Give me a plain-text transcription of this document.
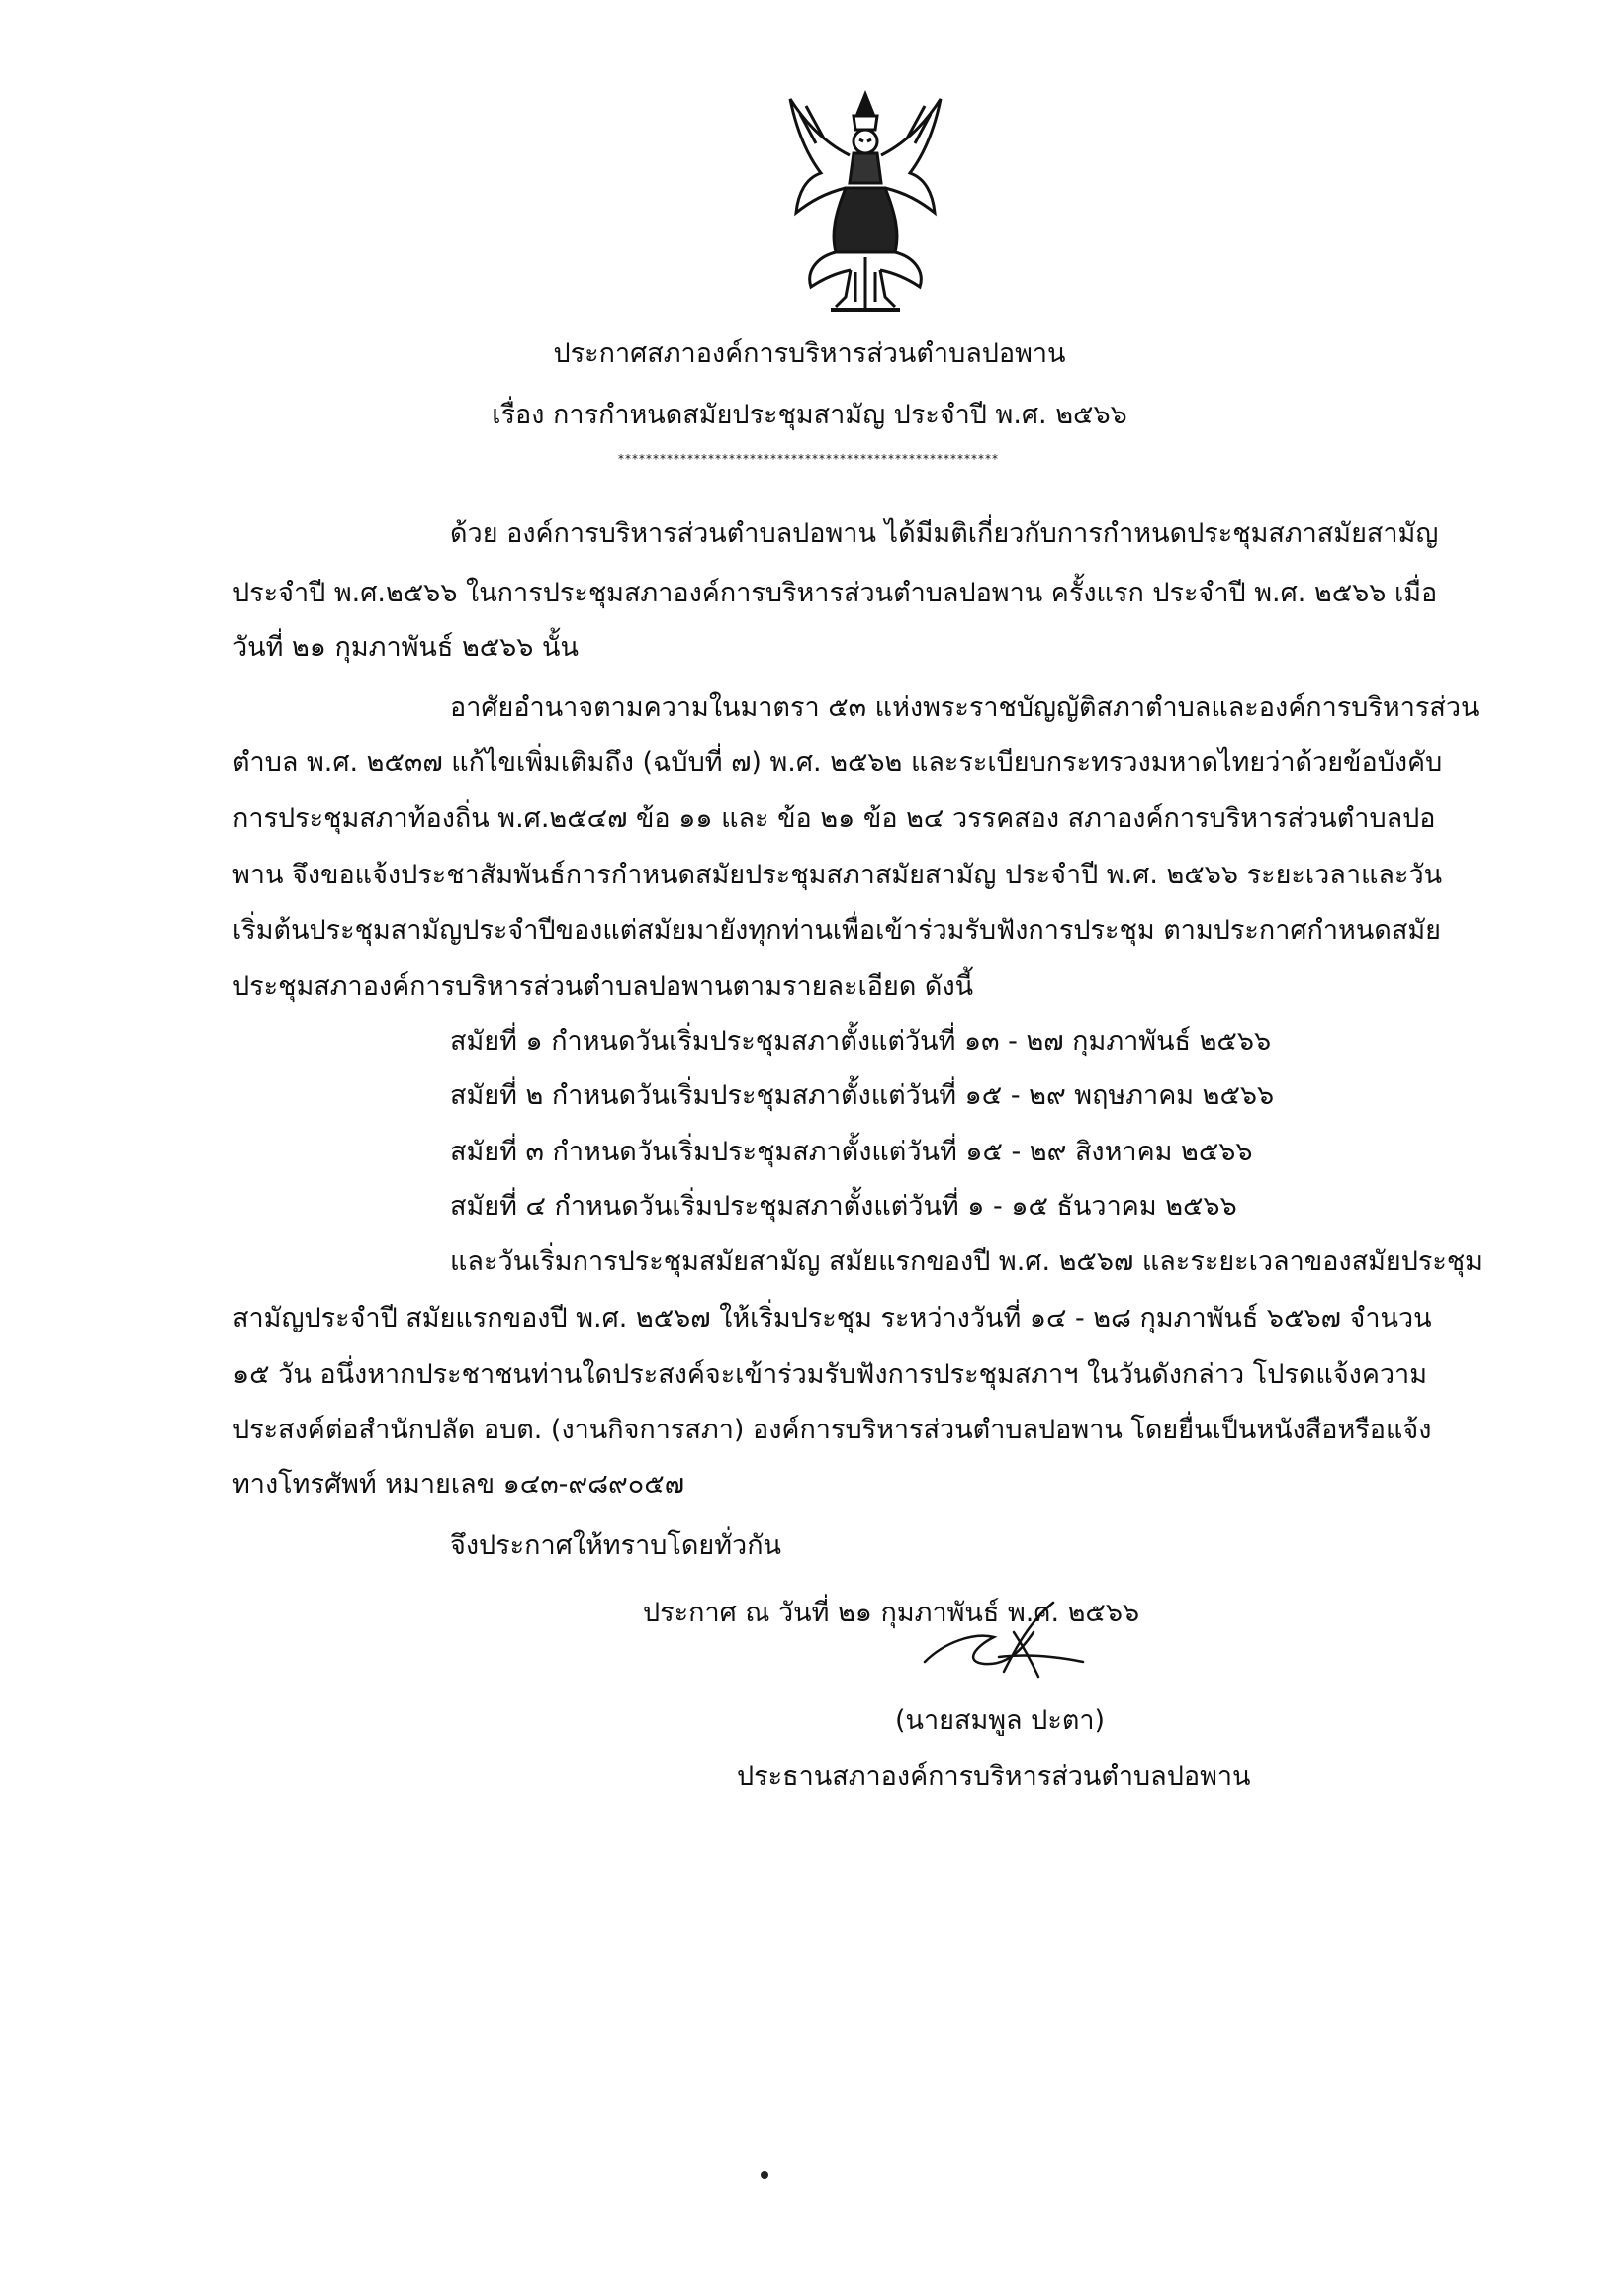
ประกาศสภาองค์การบริหารส่วนตำบลปอพาน
เรื่อง การกำหนดสมัยประชุมสามัญ ประจำปี พ.ศ. ๒๕๖๖
*******************************************************
ด้วย องค์การบริหารส่วนตำบลปอพาน ได้มีมติเกี่ยวกับการกำหนดประชุมสภาสมัยสามัญ
ประจำปี พ.ศ.๒๕๖๖ ในการประชุมสภาองค์การบริหารส่วนตำบลปอพาน ครั้งแรก ประจำปี พ.ศ. ๒๕๖๖ เมื่อ
วันที่ ๒๑ กุมภาพันธ์ ๒๕๖๖ นั้น
อาศัยอำนาจตามความในมาตรา ๕๓ แห่งพระราชบัญญัติสภาตำบลและองค์การบริหารส่วน
ตำบล พ.ศ. ๒๕๓๗ แก้ไขเพิ่มเติมถึง (ฉบับที่ ๗) พ.ศ. ๒๕๖๒ และระเบียบกระทรวงมหาดไทยว่าด้วยข้อบังคับ
การประชุมสภาท้องถิ่น พ.ศ.๒๕๔๗ ข้อ ๑๑ และ ข้อ ๒๑ ข้อ ๒๔ วรรคสอง สภาองค์การบริหารส่วนตำบลปอ
พาน จึงขอแจ้งประชาสัมพันธ์การกำหนดสมัยประชุมสภาสมัยสามัญ ประจำปี พ.ศ. ๒๕๖๖ ระยะเวลาและวัน
เริ่มต้นประชุมสามัญประจำปีของแต่สมัยมายังทุกท่านเพื่อเข้าร่วมรับฟังการประชุม ตามประกาศกำหนดสมัย
ประชุมสภาองค์การบริหารส่วนตำบลปอพานตามรายละเอียด ดังนี้
สมัยที่ ๑ กำหนดวันเริ่มประชุมสภาตั้งแต่วันที่ ๑๓ - ๒๗ กุมภาพันธ์ ๒๕๖๖
สมัยที่ ๒ กำหนดวันเริ่มประชุมสภาตั้งแต่วันที่ ๑๕ - ๒๙ พฤษภาคม ๒๕๖๖
สมัยที่ ๓ กำหนดวันเริ่มประชุมสภาตั้งแต่วันที่ ๑๕ - ๒๙ สิงหาคม ๒๕๖๖
สมัยที่ ๔ กำหนดวันเริ่มประชุมสภาตั้งแต่วันที่ ๑ - ๑๕ ธันวาคม ๒๕๖๖
และวันเริ่มการประชุมสมัยสามัญ สมัยแรกของปี พ.ศ. ๒๕๖๗ และระยะเวลาของสมัยประชุม
สามัญประจำปี สมัยแรกของปี พ.ศ. ๒๕๖๗ ให้เริ่มประชุม ระหว่างวันที่ ๑๔ - ๒๘ กุมภาพันธ์ ๖๕๖๗ จำนวน
๑๕ วัน อนึ่งหากประชาชนท่านใดประสงค์จะเข้าร่วมรับฟังการประชุมสภาฯ ในวันดังกล่าว โปรดแจ้งความ
ประสงค์ต่อสำนักปลัด อบต. (งานกิจการสภา) องค์การบริหารส่วนตำบลปอพาน โดยยื่นเป็นหนังสือหรือแจ้ง
ทางโทรศัพท์ หมายเลข ๑๔๓-๙๘๙๐๕๗
จึงประกาศให้ทราบโดยทั่วกัน
ประกาศ ณ วันที่ ๒๑ กุมภาพันธ์ พ.ศ. ๒๕๖๖
(นายสมพูล ปะตา)
ประธานสภาองค์การบริหารส่วนตำบลปอพาน
